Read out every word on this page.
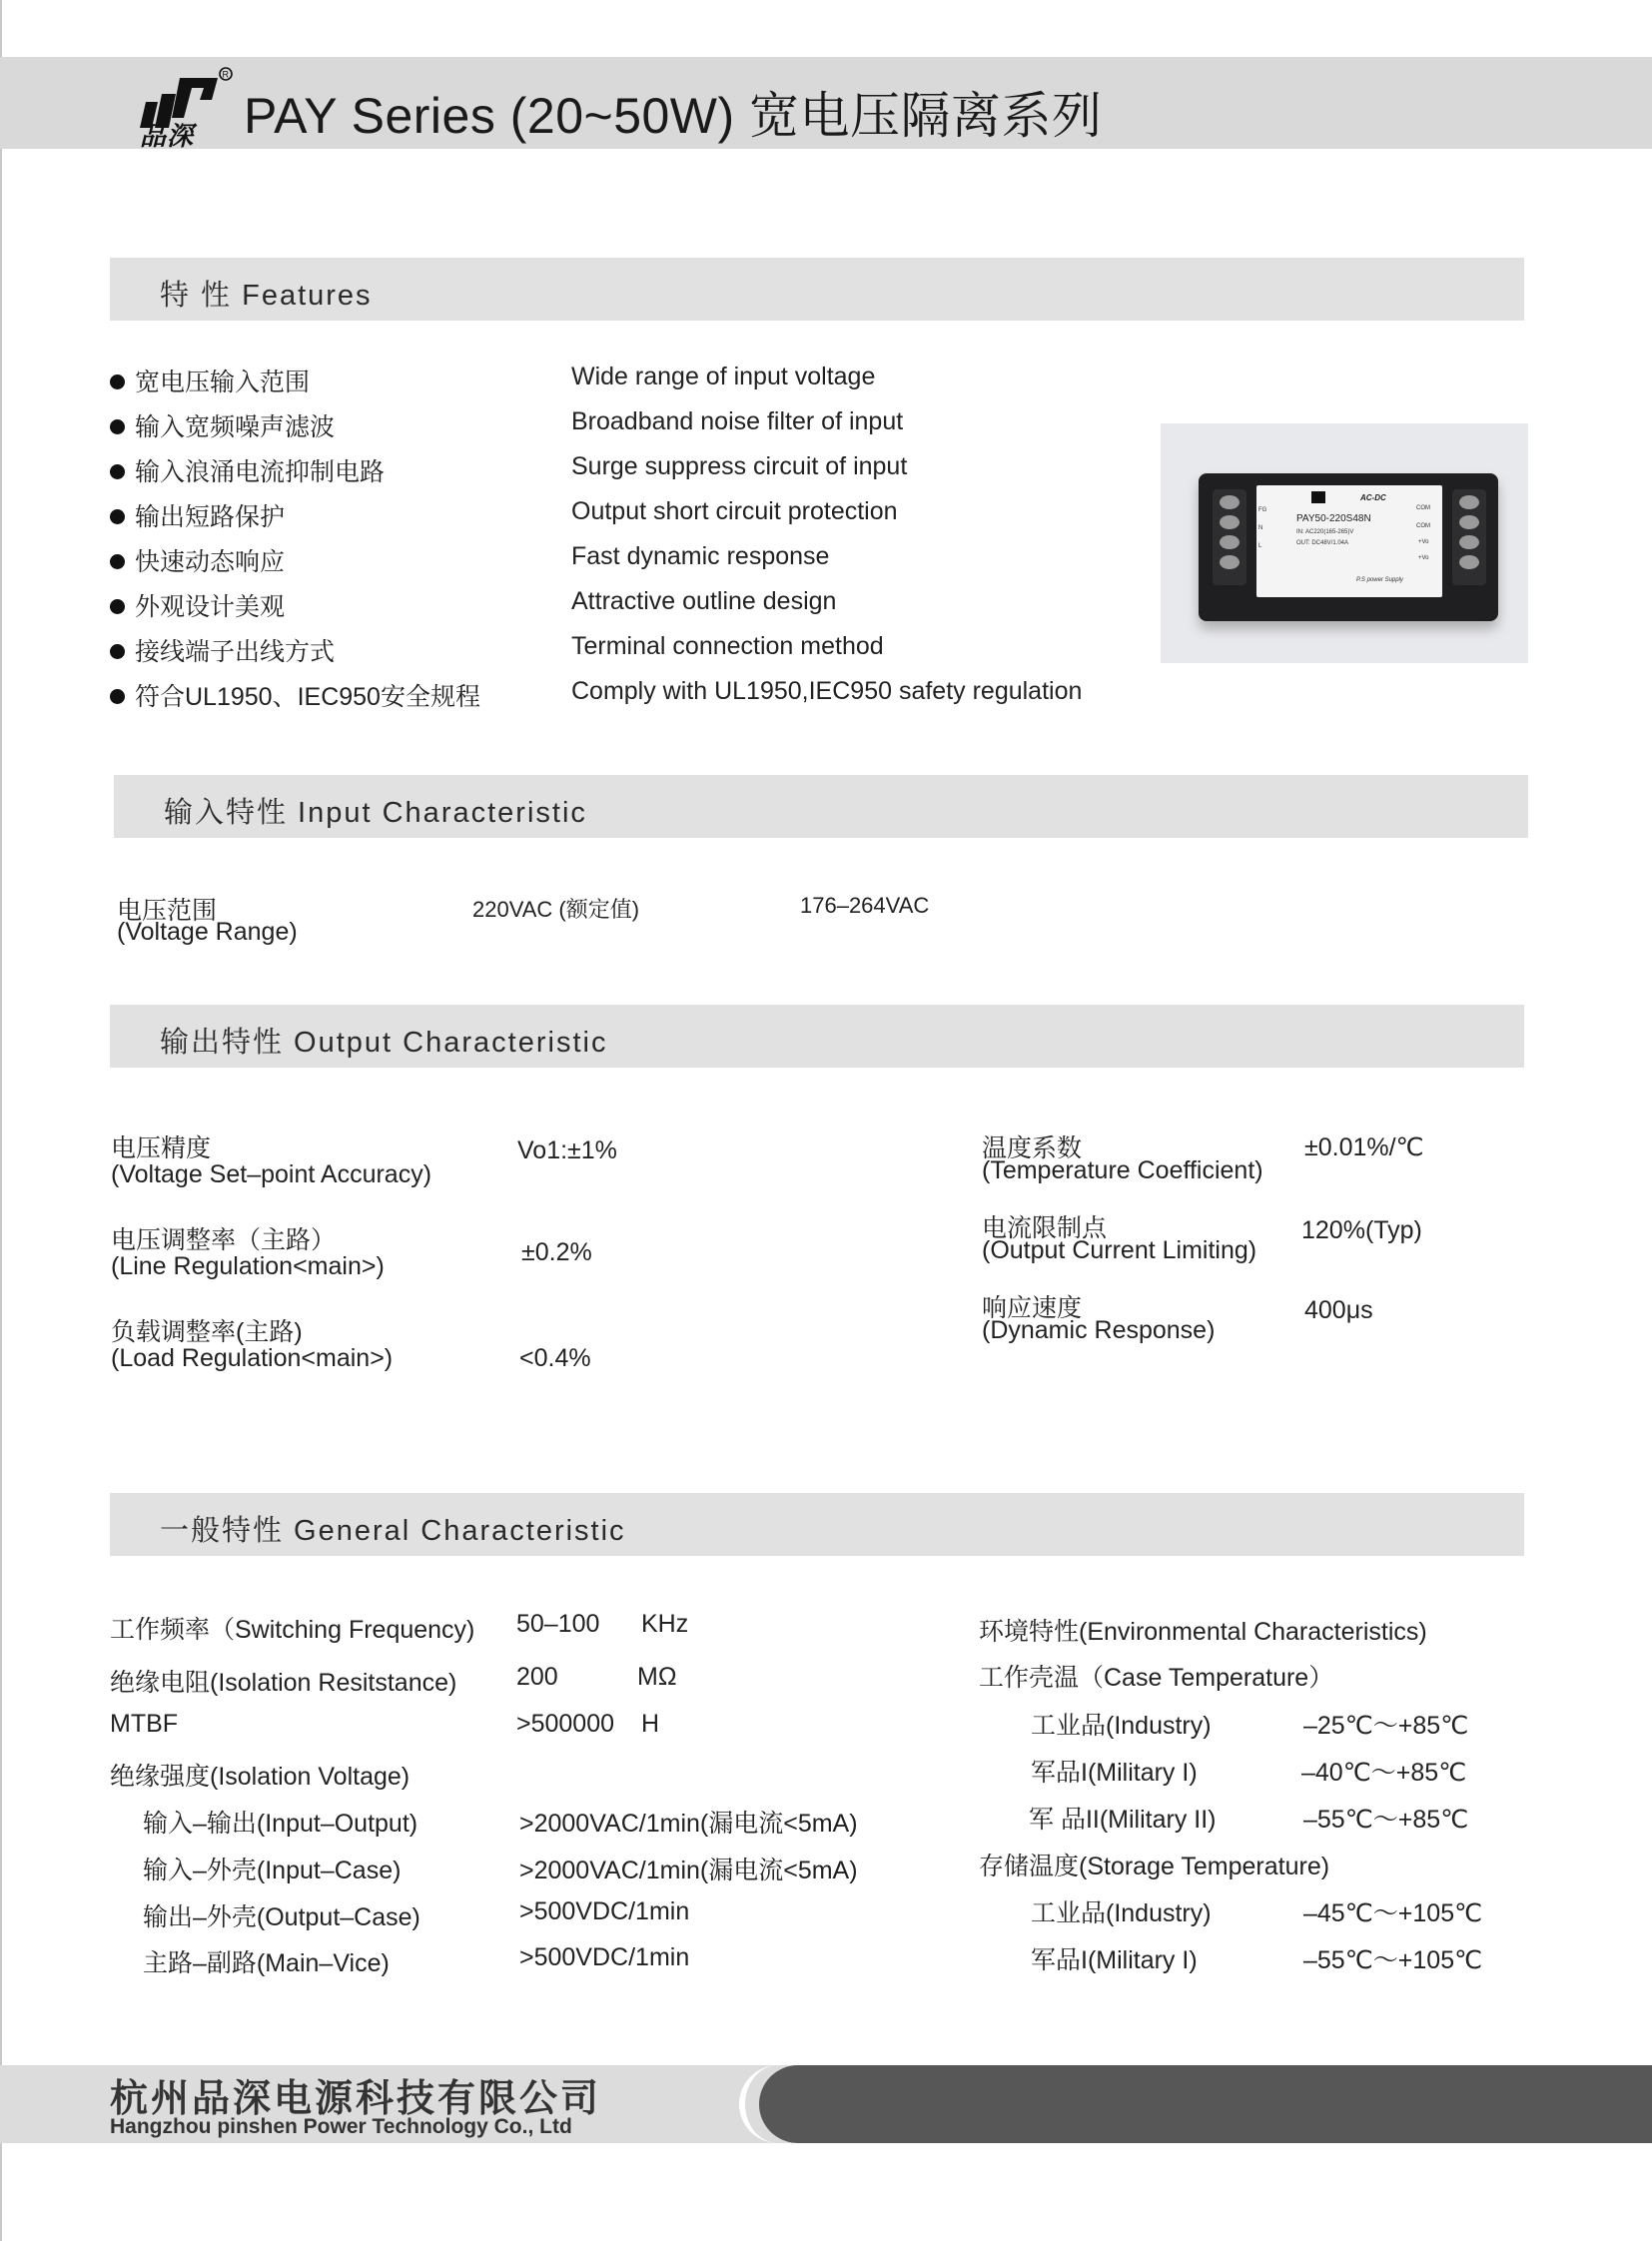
R
品深 PAY Series (20~50W) 宽电压隔离系列
特 性 Features
宽电压输入范围
输入宽频噪声滤波
输入浪涌电流抑制电路
输出短路保护
快速动态响应
外观设计美观
接线端子出线方式
符合UL1950、IEC950安全规程
Wide range of input voltage
Broadband noise filter of input
Surge suppress circuit of input
Output short circuit protection
Fast dynamic response
Attractive outline design
Terminal connection method
Comply with UL1950,IEC950 safety regulation
AC-DC
FG
N
L
COM
COM
+Vo
+Vo
PAY50-220S48N
IN: AC220(165-265)V
OUT: DC48V/1.04A
P.S power Supply
输入特性 Input Characteristic
电压范围
(Voltage Range)
220VAC (额定值)	176–264VAC
输出特性 Output Characteristic
电压精度
(Voltage Set–point Accuracy)
Vo1:±1%
电压调整率（主路）
(Line Regulation<main>)	±0.2%
负载调整率(主路)
(Load Regulation<main>)	<0.4%
温度系数
(Temperature Coefficient)
±0.01%/℃
电流限制点
(Output Current Limiting)
120%(Typ)
响应速度
(Dynamic Response)
400μs
一般特性 General Characteristic
工作频率（Switching Frequency) 50–100 KHz
绝缘电阻(Isolation Resitstance) 200	MΩ
MTBF	>500000 H
绝缘强度(Isolation Voltage)
输入–输出(Input–Output)	>2000VAC/1min(漏电流<5mA)
输入–外壳(Input–Case)	>2000VAC/1min(漏电流<5mA)
输出–外壳(Output–Case)	>500VDC/1min
主路–副路(Main–Vice)	>500VDC/1min
环境特性(Environmental Characteristics)
工作壳温（Case Temperature）
工业品(Industry)	–25℃～+85℃
军品I(Military I)	–40℃～+85℃
军 品II(Military II)	–55℃～+85℃
存储温度(Storage Temperature)
工业品(Industry)	–45℃～+105℃
军品I(Military I)	–55℃～+105℃
杭州品深电源科技有限公司
Hangzhou pinshen Power Technology Co., Ltd
